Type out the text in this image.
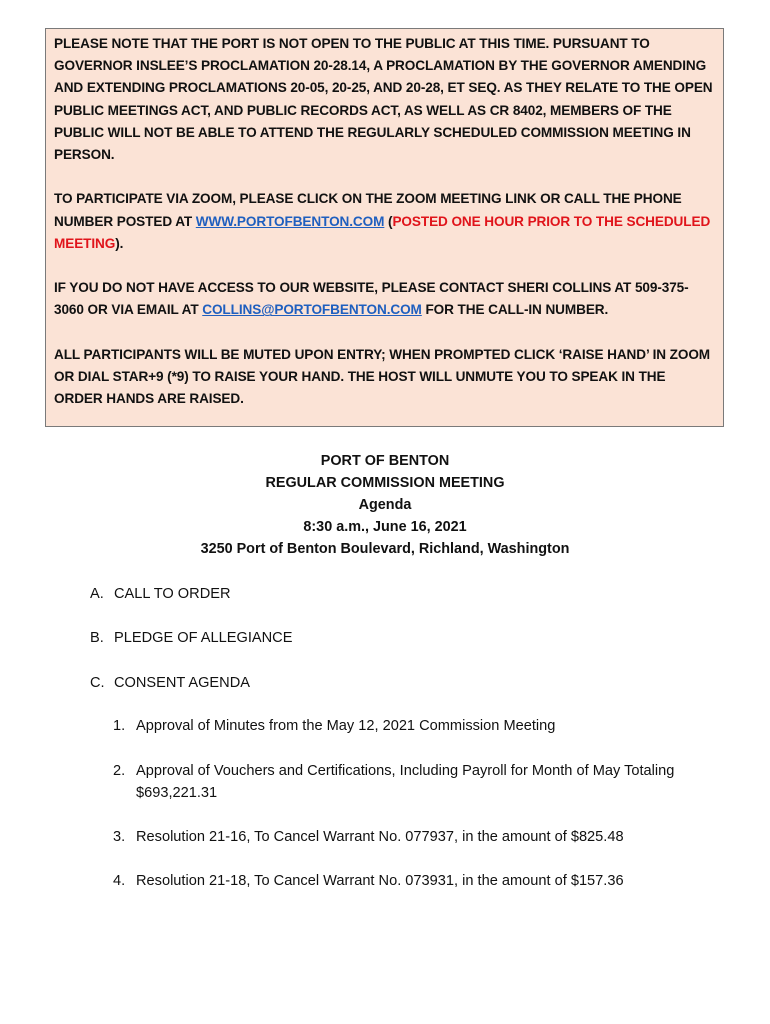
PLEASE NOTE THAT THE PORT IS NOT OPEN TO THE PUBLIC AT THIS TIME. PURSUANT TO GOVERNOR INSLEE’S PROCLAMATION 20-28.14, A PROCLAMATION BY THE GOVERNOR AMENDING AND EXTENDING PROCLAMATIONS 20-05, 20-25, AND 20-28, ET SEQ. AS THEY RELATE TO THE OPEN PUBLIC MEETINGS ACT, AND PUBLIC RECORDS ACT, AS WELL AS CR 8402, MEMBERS OF THE PUBLIC WILL NOT BE ABLE TO ATTEND THE REGULARLY SCHEDULED COMMISSION MEETING IN PERSON.

TO PARTICIPATE VIA ZOOM, PLEASE CLICK ON THE ZOOM MEETING LINK OR CALL THE PHONE NUMBER POSTED AT WWW.PORTOFBENTON.COM (POSTED ONE HOUR PRIOR TO THE SCHEDULED MEETING).

IF YOU DO NOT HAVE ACCESS TO OUR WEBSITE, PLEASE CONTACT SHERI COLLINS AT 509-375-3060 OR VIA EMAIL AT COLLINS@PORTOFBENTON.COM FOR THE CALL-IN NUMBER.

ALL PARTICIPANTS WILL BE MUTED UPON ENTRY; WHEN PROMPTED CLICK ‘RAISE HAND’ IN ZOOM OR DIAL STAR+9 (*9) TO RAISE YOUR HAND. THE HOST WILL UNMUTE YOU TO SPEAK IN THE ORDER HANDS ARE RAISED.

PORT OF BENTON
REGULAR COMMISSION MEETING
Agenda
8:30 a.m., June 16, 2021
3250 Port of Benton Boulevard, Richland, Washington
A. CALL TO ORDER
B. PLEDGE OF ALLEGIANCE
C. CONSENT AGENDA
1. Approval of Minutes from the May 12, 2021 Commission Meeting
2. Approval of Vouchers and Certifications, Including Payroll for Month of May Totaling $693,221.31
3. Resolution 21-16, To Cancel Warrant No. 077937, in the amount of $825.48
4. Resolution 21-18, To Cancel Warrant No. 073931, in the amount of $157.36
